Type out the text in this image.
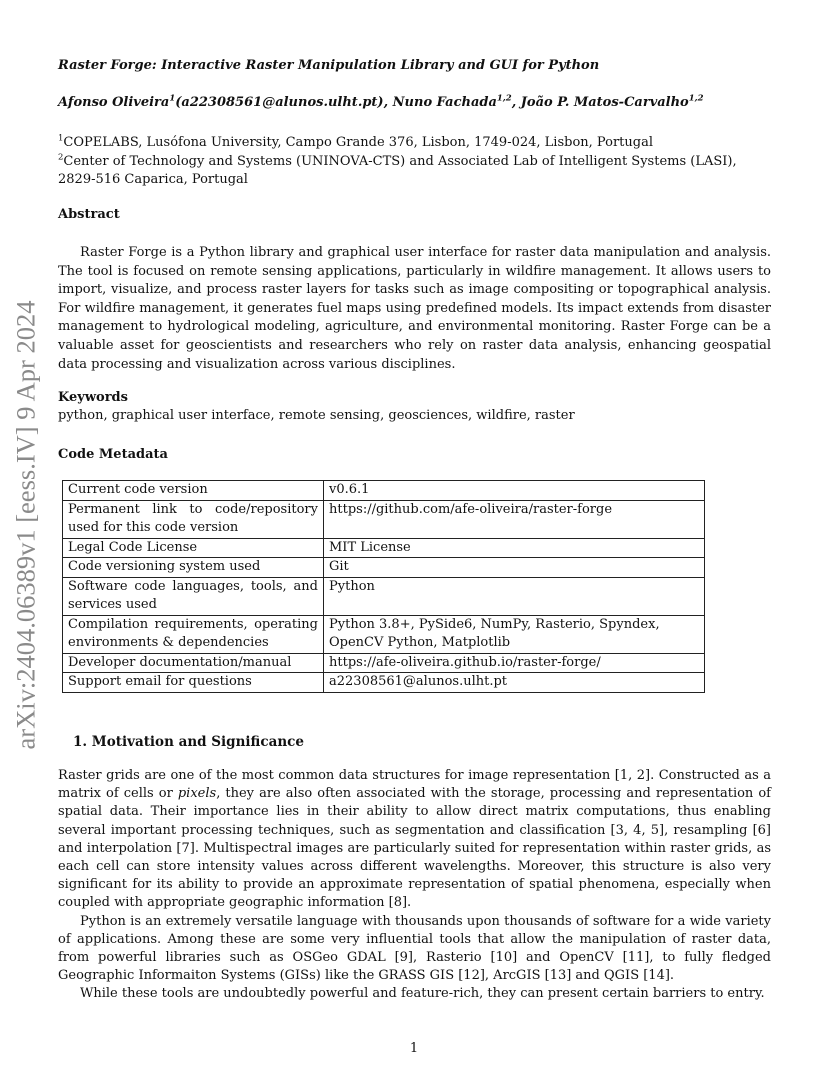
arXiv:2404.06389v1 [eess.IV] 9 Apr 2024
Raster Forge: Interactive Raster Manipulation Library and GUI for Python
Afonso Oliveira$^1$(a22308561@alunos.ulht.pt), Nuno Fachada$^{1,2}$, João P. Matos-Carvalho$^{1,2}$

$^1$COPELABS, Lusófona University, Campo Grande 376, Lisbon, 1749-024, Lisbon, Portugal

$^2$Center of Technology and Systems (UNINOVA-CTS) and Associated Lab of Intelligent Systems (LASI), 2829-516 Caparica, Portugal

Abstract

Raster Forge is a Python library and graphical user interface for raster data manipulation and analysis. The tool is focused on remote sensing applications, particularly in wildfire management. It allows users to import, visualize, and process raster layers for tasks such as image compositing or topographical analysis. For wildfire management, it generates fuel maps using predefined models. Its impact extends from disaster management to hydrological modeling, agriculture, and environmental monitoring. Raster Forge can be a valuable asset for geoscientists and researchers who rely on raster data analysis, enhancing geospatial data processing and visualization across various disciplines.

Keywords
python, graphical user interface, remote sensing, geosciences, wildfire, raster
Code Metadata
Current code version	v0.6.1
Permanent link to code/repository used for this code version	https://github.com/afe-oliveira/raster-forge
Legal Code License	MIT License
Code versioning system used	Git
Software code languages, tools, and services used	Python
Compilation requirements, operating environments & dependencies	Python 3.8+, PySide6, NumPy, Rasterio, Spyndex, OpenCV Python, Matplotlib
Developer documentation/manual	https://afe-oliveira.github.io/raster-forge/
Support email for questions	a22308561@alunos.ulht.pt
1. Motivation and Significance

Raster grids are one of the most common data structures for image representation [1, 2]. Constructed as a matrix of cells or pixels, they are also often associated with the storage, processing and representation of spatial data. Their importance lies in their ability to allow direct matrix computations, thus enabling several important processing techniques, such as segmentation and classification [3, 4, 5], resampling [6] and interpolation [7]. Multispectral images are particularly suited for representation within raster grids, as each cell can store intensity values across different wavelengths. Moreover, this structure is also very significant for its ability to provide an approximate representation of spatial phenomena, especially when coupled with appropriate geographic information [8].

Python is an extremely versatile language with thousands upon thousands of software for a wide variety of applications. Among these are some very influential tools that allow the manipulation of raster data, from powerful libraries such as OSGeo GDAL [9], Rasterio [10] and OpenCV [11], to fully fledged Geographic Informaiton Systems (GISs) like the GRASS GIS [12], ArcGIS [13] and QGIS [14].

While these tools are undoubtedly powerful and feature-rich, they can present certain barriers to entry.

1
